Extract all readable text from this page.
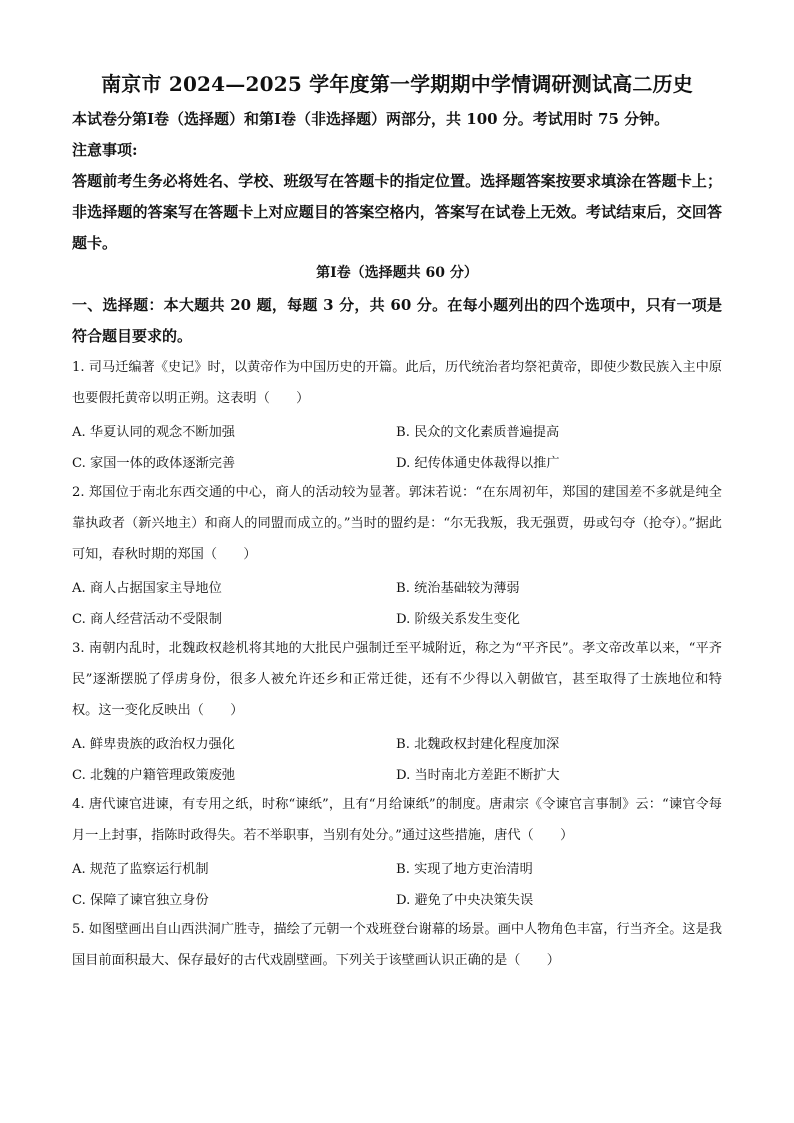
南京市 2024—2025 学年度第一学期期中学情调研测试高二历史
本试卷分第Ⅰ卷（选择题）和第Ⅰ卷（非选择题）两部分，共 100 分。考试用时 75 分钟。
注意事项:
答题前考生务必将姓名、学校、班级写在答题卡的指定位置。选择题答案按要求填涂在答题卡上；非选择题的答案写在答题卡上对应题目的答案空格内，答案写在试卷上无效。考试结束后，交回答题卡。
第Ⅰ卷（选择题共 60 分）
一、选择题：本大题共 20 题，每题 3 分，共 60 分。在每小题列出的四个选项中，只有一项是符合题目要求的。
1. 司马迁编著《史记》时，以黄帝作为中国历史的开篇。此后，历代统治者均祭祀黄帝，即使少数民族入主中原也要假托黄帝以明正朔。这表明（　　）
A. 华夏认同的观念不断加强	B. 民众的文化素质普遍提高
C. 家国一体的政体逐渐完善	D. 纪传体通史体裁得以推广
2. 郑国位于南北东西交通的中心，商人的活动较为显著。郭沫若说：“在东周初年，郑国的建国差不多就是纯全靠执政者（新兴地主）和商人的同盟而成立的。”当时的盟约是：“尔无我叛，我无强贾，毋或匄夺（抢夺）。”据此可知，春秋时期的郑国（　　）
A. 商人占据国家主导地位	B. 统治基础较为薄弱
C. 商人经营活动不受限制	D. 阶级关系发生变化
3. 南朝内乱时，北魏政权趁机将其地的大批民户强制迁至平城附近，称之为“平齐民”。孝文帝改革以来，“平齐民”逐渐摆脱了俘虏身份，很多人被允许还乡和正常迁徙，还有不少得以入朝做官，甚至取得了士族地位和特权。这一变化反映出（　　）
A. 鲜卑贵族的政治权力强化	B. 北魏政权封建化程度加深
C. 北魏的户籍管理政策废弛	D. 当时南北方差距不断扩大
4. 唐代谏官进谏，有专用之纸，时称“谏纸”，且有“月给谏纸”的制度。唐肃宗《令谏官言事制》云：“谏官令每月一上封事，指陈时政得失。若不举职事，当别有处分。”通过这些措施，唐代（　　）
A. 规范了监察运行机制	B. 实现了地方吏治清明
C. 保障了谏官独立身份	D. 避免了中央决策失误
5. 如图壁画出自山西洪洞广胜寺，描绘了元朝一个戏班登台谢幕的场景。画中人物角色丰富，行当齐全。这是我国目前面积最大、保存最好的古代戏剧壁画。下列关于该壁画认识正确的是（　　）
